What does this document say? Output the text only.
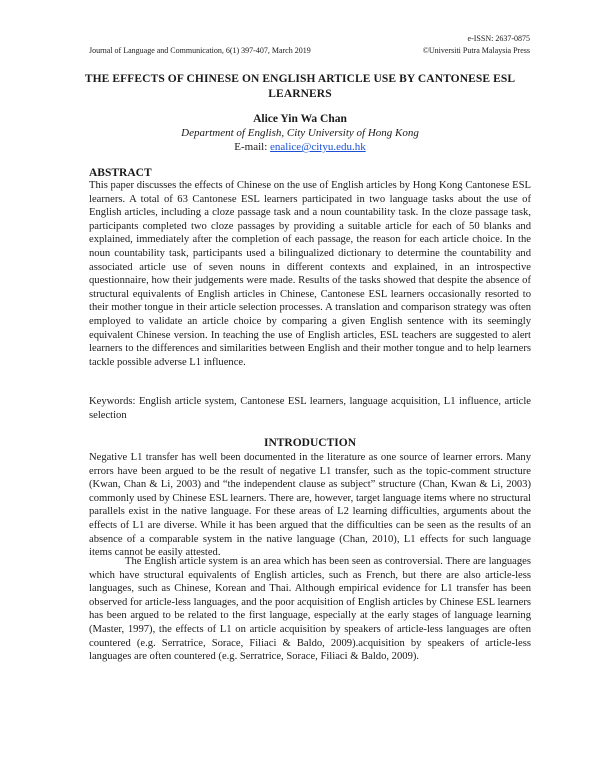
e-ISSN: 2637-0875
Journal of Language and Communication, 6(1) 397-407, March 2019	©Universiti Putra Malaysia Press
THE EFFECTS OF CHINESE ON ENGLISH ARTICLE USE BY CANTONESE ESL LEARNERS
Alice Yin Wa Chan
Department of English, City University of Hong Kong
E-mail: enalice@cityu.edu.hk
ABSTRACT
This paper discusses the effects of Chinese on the use of English articles by Hong Kong Cantonese ESL learners. A total of 63 Cantonese ESL learners participated in two language tasks about the use of English articles, including a cloze passage task and a noun countability task. In the cloze passage task, participants completed two cloze passages by providing a suitable article for each of 50 blanks and explained, immediately after the completion of each passage, the reason for each article choice. In the noun countability task, participants used a bilingualized dictionary to determine the countability and associated article use of seven nouns in different contexts and explained, in an introspective questionnaire, how their judgements were made. Results of the tasks showed that despite the absence of structural equivalents of English articles in Chinese, Cantonese ESL learners occasionally resorted to their mother tongue in their article selection processes. A translation and comparison strategy was often employed to validate an article choice by comparing a given English sentence with its seemingly equivalent Chinese version. In teaching the use of English articles, ESL teachers are suggested to alert learners to the differences and similarities between English and their mother tongue and to help learners tackle possible adverse L1 influence.
Keywords: English article system, Cantonese ESL learners, language acquisition, L1 influence, article selection
INTRODUCTION
Negative L1 transfer has well been documented in the literature as one source of learner errors. Many errors have been argued to be the result of negative L1 transfer, such as the topic-comment structure (Kwan, Chan & Li, 2003) and “the independent clause as subject” structure (Chan, Kwan & Li, 2003) commonly used by Chinese ESL learners. There are, however, target language items where no structural parallels exist in the native language. For these areas of L2 learning difficulties, arguments about the effects of L1 are diverse. While it has been argued that the difficulties can be seen as the results of an absence of a comparable system in the native language (Chan, 2010), L1 effects for such language items cannot be easily attested.

The English article system is an area which has been seen as controversial. There are languages which have structural equivalents of English articles, such as French, but there are also article-less languages, such as Chinese, Korean and Thai. Although empirical evidence for L1 transfer has been observed for article-less languages, and the poor acquisition of English articles by Chinese ESL learners has been argued to be related to the first language, especially at the early stages of language learning (Master, 1997), the effects of L1 on article acquisition by speakers of article-less languages are often countered (e.g. Serratrice, Sorace, Filiaci & Baldo, 2009).acquisition by speakers of article-less languages are often countered (e.g. Serratrice, Sorace, Filiaci & Baldo, 2009).
